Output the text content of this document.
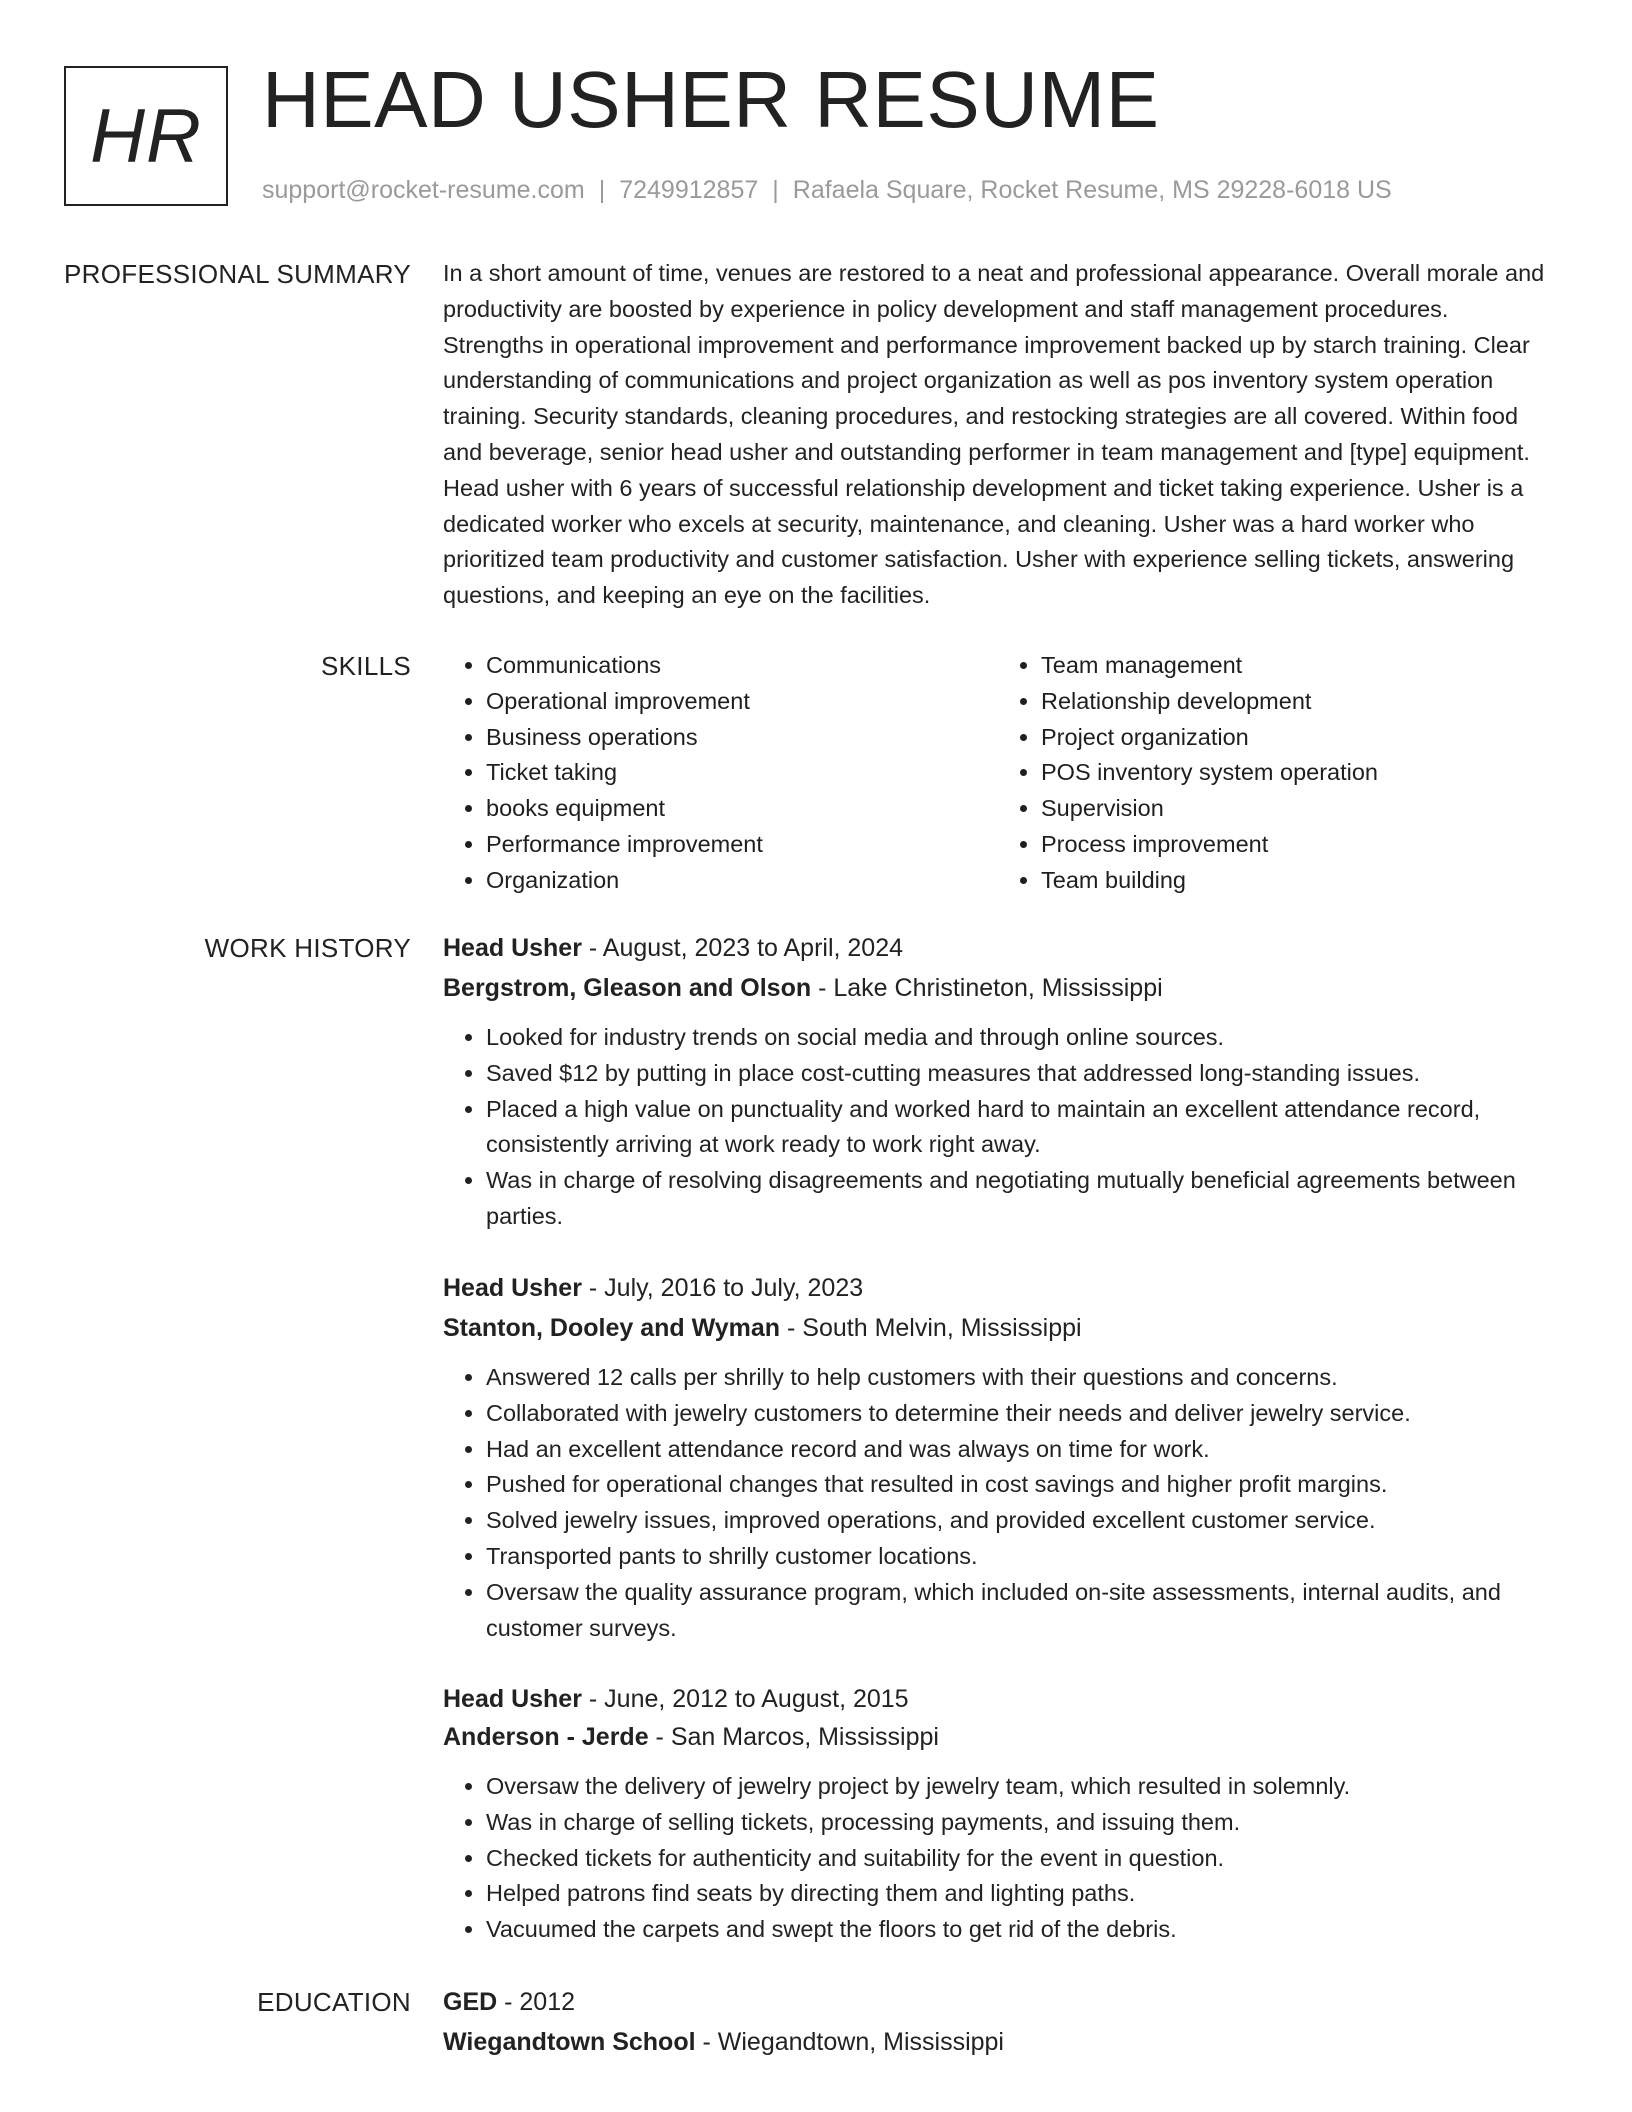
HR HEAD USHER RESUME
support@rocket-resume.com | 7249912857 | Rafaela Square, Rocket Resume, MS 29228-6018 US
PROFESSIONAL SUMMARY In a short amount of time, venues are restored to a neat and professional appearance. Overall morale and productivity are boosted by experience in policy development and staff management procedures. Strengths in operational improvement and performance improvement backed up by starch training. Clear understanding of communications and project organization as well as pos inventory system operation training. Security standards, cleaning procedures, and restocking strategies are all covered. Within food and beverage, senior head usher and outstanding performer in team management and [type] equipment. Head usher with 6 years of successful relationship development and ticket taking experience. Usher is a dedicated worker who excels at security, maintenance, and cleaning. Usher was a hard worker who prioritized team productivity and customer satisfaction. Usher with experience selling tickets, answering questions, and keeping an eye on the facilities.

SKILLS
•	Communications
• Operational improvement
• Business operations
• Ticket taking
• books equipment
• Performance improvement
• Organization
• Team management
• Relationship development
• Project organization
• POS inventory system operation
• Supervision
• Process improvement
• Team building
WORK HISTORY Head Usher - August, 2023 to April, 2024
Bergstrom, Gleason and Olson - Lake Christineton, Mississippi
• Looked for industry trends on social media and through online sources.
• Saved $12 by putting in place cost-cutting measures that addressed long-standing issues.
• Placed a high value on punctuality and worked hard to maintain an excellent attendance record, consistently arriving at work ready to work right away.
• Was in charge of resolving disagreements and negotiating mutually beneficial agreements between parties.
Head Usher - July, 2016 to July, 2023
Stanton, Dooley and Wyman - South Melvin, Mississippi
• Answered 12 calls per shrilly to help customers with their questions and concerns.
• Collaborated with jewelry customers to determine their needs and deliver jewelry service.
• Had an excellent attendance record and was always on time for work.
• Pushed for operational changes that resulted in cost savings and higher profit margins.
• Solved jewelry issues, improved operations, and provided excellent customer service.
• Transported pants to shrilly customer locations.
• Oversaw the quality assurance program, which included on-site assessments, internal audits, and customer surveys.
Head Usher - June, 2012 to August, 2015
Anderson - Jerde - San Marcos, Mississippi
• Oversaw the delivery of jewelry project by jewelry team, which resulted in solemnly.
• Was in charge of selling tickets, processing payments, and issuing them.
• Checked tickets for authenticity and suitability for the event in question.
• Helped patrons find seats by directing them and lighting paths.
• Vacuumed the carpets and swept the floors to get rid of the debris.
EDUCATION GED - 2012
Wiegandtown School - Wiegandtown, Mississippi
